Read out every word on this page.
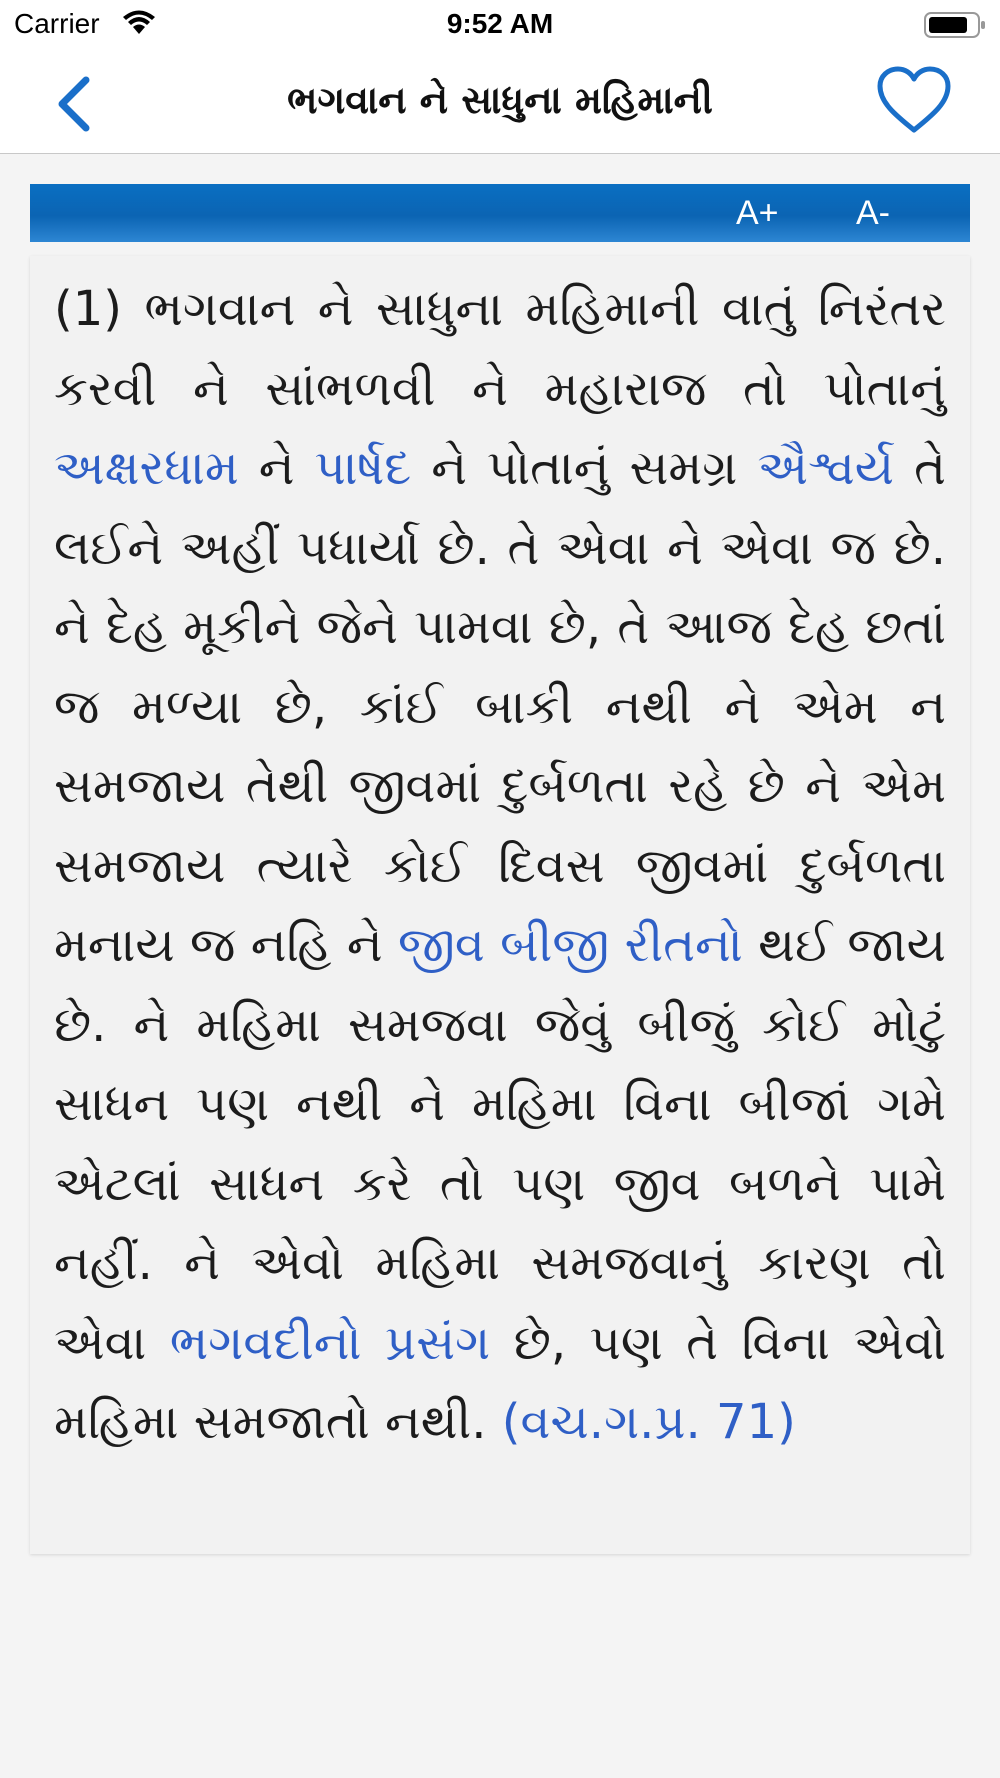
Carrier	9:52 AM
ભગવાન ને સાધુના મહિમાની
A+ A-
(1) ભગવાન ને સાધુના મહિમાની વાતું નિરંતર કરવી ને સાંભળવી ને મહારાજ તો પોતાનું અક્ષરધામ ને પાર્ષદ ને પોતાનું સમગ્ર ઐશ્વર્ય તે લઈને અહીં પધાર્યા છે. તે એવા ને એવા જ છે. ને દેહ મૂકીને જેને પામવા છે, તે આજ દેહ છતાં જ મળ્યા છે, કાંઈ બાકી નથી ને એમ ન સમજાય તેથી જીવમાં દુર્બળતા રહે છે ને એમ સમજાય ત્યારે કોઈ દિવસ જીવમાં દુર્બળતા મનાય જ નહિ ને જીવ બીજી રીતનો થઈ જાય છે. ને મહિમા સમજવા જેવું બીજું કોઈ મોટું સાધન પણ નથી ને મહિમા વિના બીજાં ગમે એટલાં સાધન કરે તો પણ જીવ બળને પામે નહીં. ને એવો મહિમા સમજવાનું કારણ તો એવા ભગવદીનો પ્રસંગ છે, પણ તે વિના એવો મહિમા સમજાતો નથી. (વચ.ગ.પ્ર. 71)
